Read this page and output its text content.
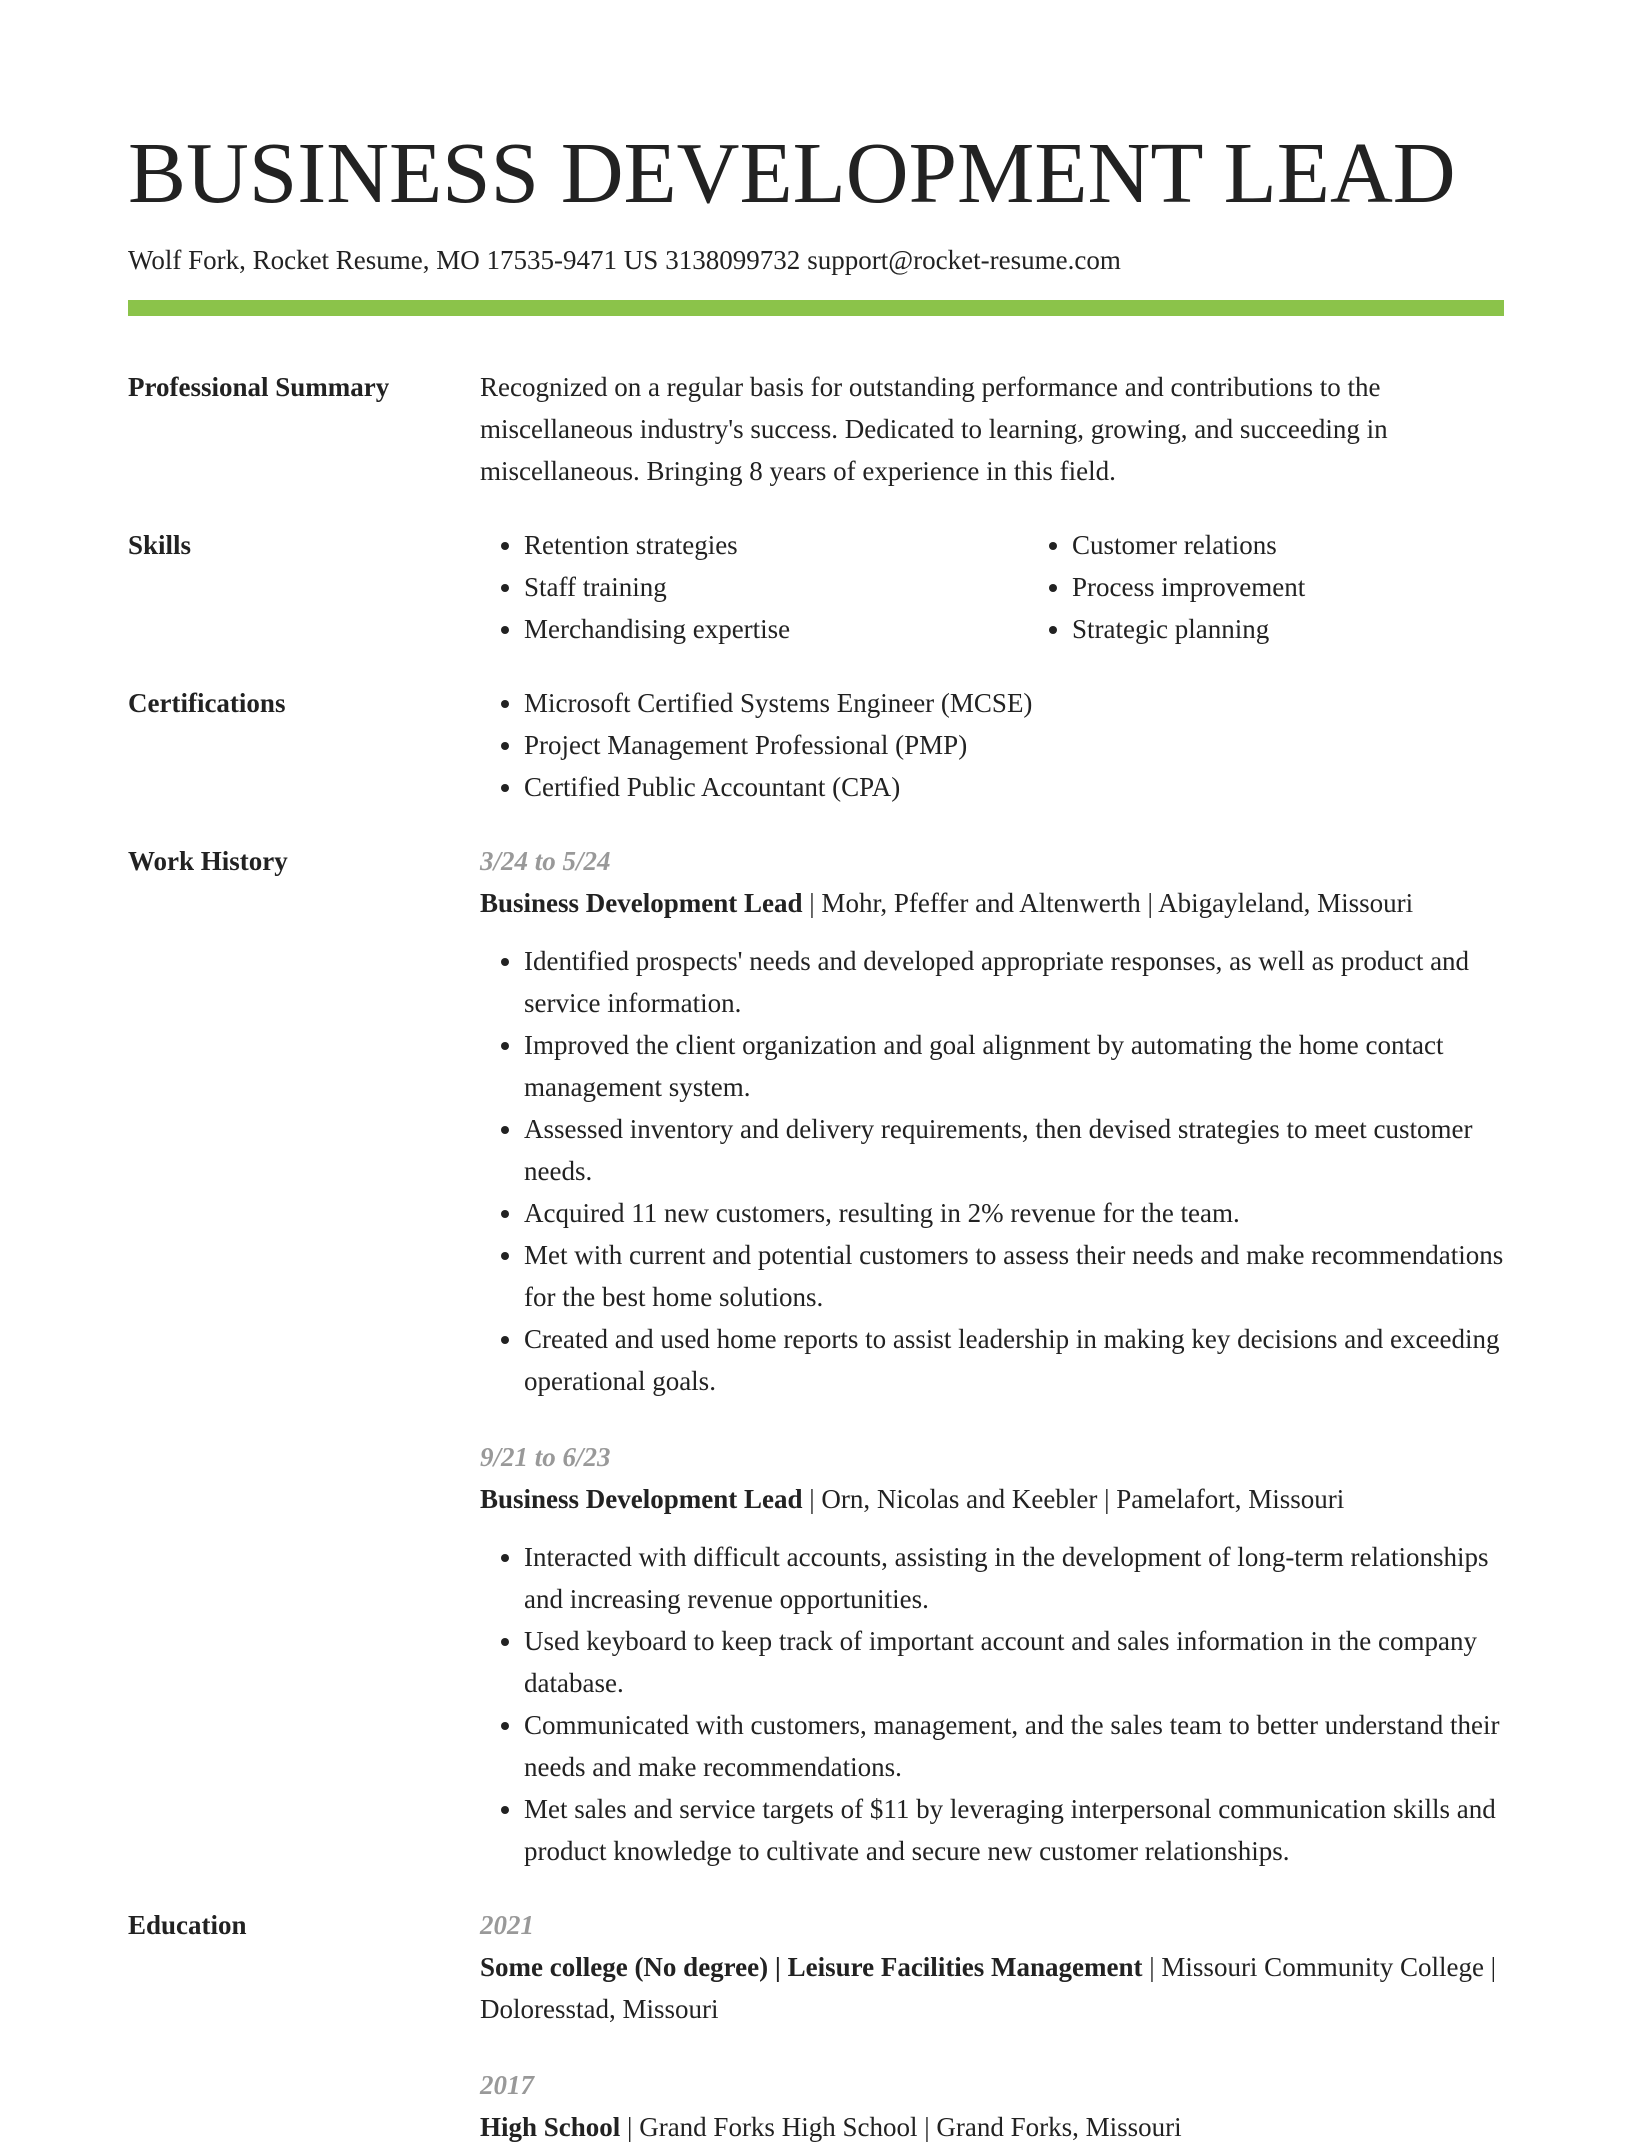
BUSINESS DEVELOPMENT LEAD
Wolf Fork, Rocket Resume, MO 17535-9471 US 3138099732 support@rocket-resume.com
Professional Summary	Recognized on a regular basis for outstanding performance and contributions to the miscellaneous industry's success. Dedicated to learning, growing, and succeeding in miscellaneous. Bringing 8 years of experience in this field.
Skills	• Retention strategies
• Staff training
• Merchandising expertise
• Customer relations
• Process improvement
• Strategic planning
Certifications	• Microsoft Certified Systems Engineer (MCSE)
• Project Management Professional (PMP)
• Certified Public Accountant (CPA)
Work History	3/24 to 5/24
Business Development Lead | Mohr, Pfeffer and Altenwerth | Abigayleland, Missouri
• Identified prospects' needs and developed appropriate responses, as well as product and service information.
• Improved the client organization and goal alignment by automating the home contact management system.
• Assessed inventory and delivery requirements, then devised strategies to meet customer needs.
• Acquired 11 new customers, resulting in 2% revenue for the team.
• Met with current and potential customers to assess their needs and make recommendations for the best home solutions.
• Created and used home reports to assist leadership in making key decisions and exceeding operational goals.
9/21 to 6/23
Business Development Lead | Orn, Nicolas and Keebler | Pamelafort, Missouri
• Interacted with difficult accounts, assisting in the development of long-term relationships and increasing revenue opportunities.
• Used keyboard to keep track of important account and sales information in the company database.
• Communicated with customers, management, and the sales team to better understand their needs and make recommendations.
• Met sales and service targets of $11 by leveraging interpersonal communication skills and product knowledge to cultivate and secure new customer relationships.
Education	2021
Some college (No degree) | Leisure Facilities Management | Missouri Community College | Doloresstad, Missouri
2017
High School | Grand Forks High School | Grand Forks, Missouri
